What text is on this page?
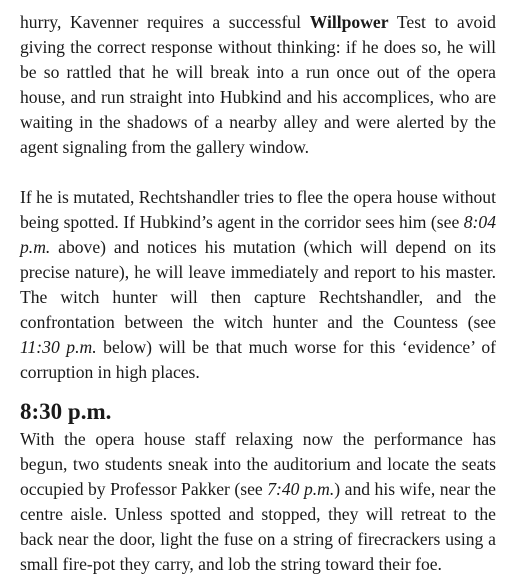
hurry, Kavenner requires a successful Willpower Test to avoid giving the correct response without thinking: if he does so, he will be so rattled that he will break into a run once out of the opera house, and run straight into Hubkind and his accomplices, who are waiting in the shadows of a nearby alley and were alerted by the agent signaling from the gallery window.

If he is mutated, Rechtshandler tries to flee the opera house without being spotted. If Hubkind’s agent in the corridor sees him (see 8:04 p.m. above) and notices his mutation (which will depend on its precise nature), he will leave immediately and report to his master. The witch hunter will then capture Rechtshandler, and the confrontation between the witch hunter and the Countess (see 11:30 p.m. below) will be that much worse for this ‘evidence’ of corruption in high places.

8:30 p.m.

With the opera house staff relaxing now the performance has begun, two students sneak into the auditorium and locate the seats occupied by Professor Pakker (see 7:40 p.m.) and his wife, near the centre aisle. Unless spotted and stopped, they will retreat to the back near the door, light the fuse on a string of firecrackers using a small fire-pot they carry, and lob the string toward their foe.
